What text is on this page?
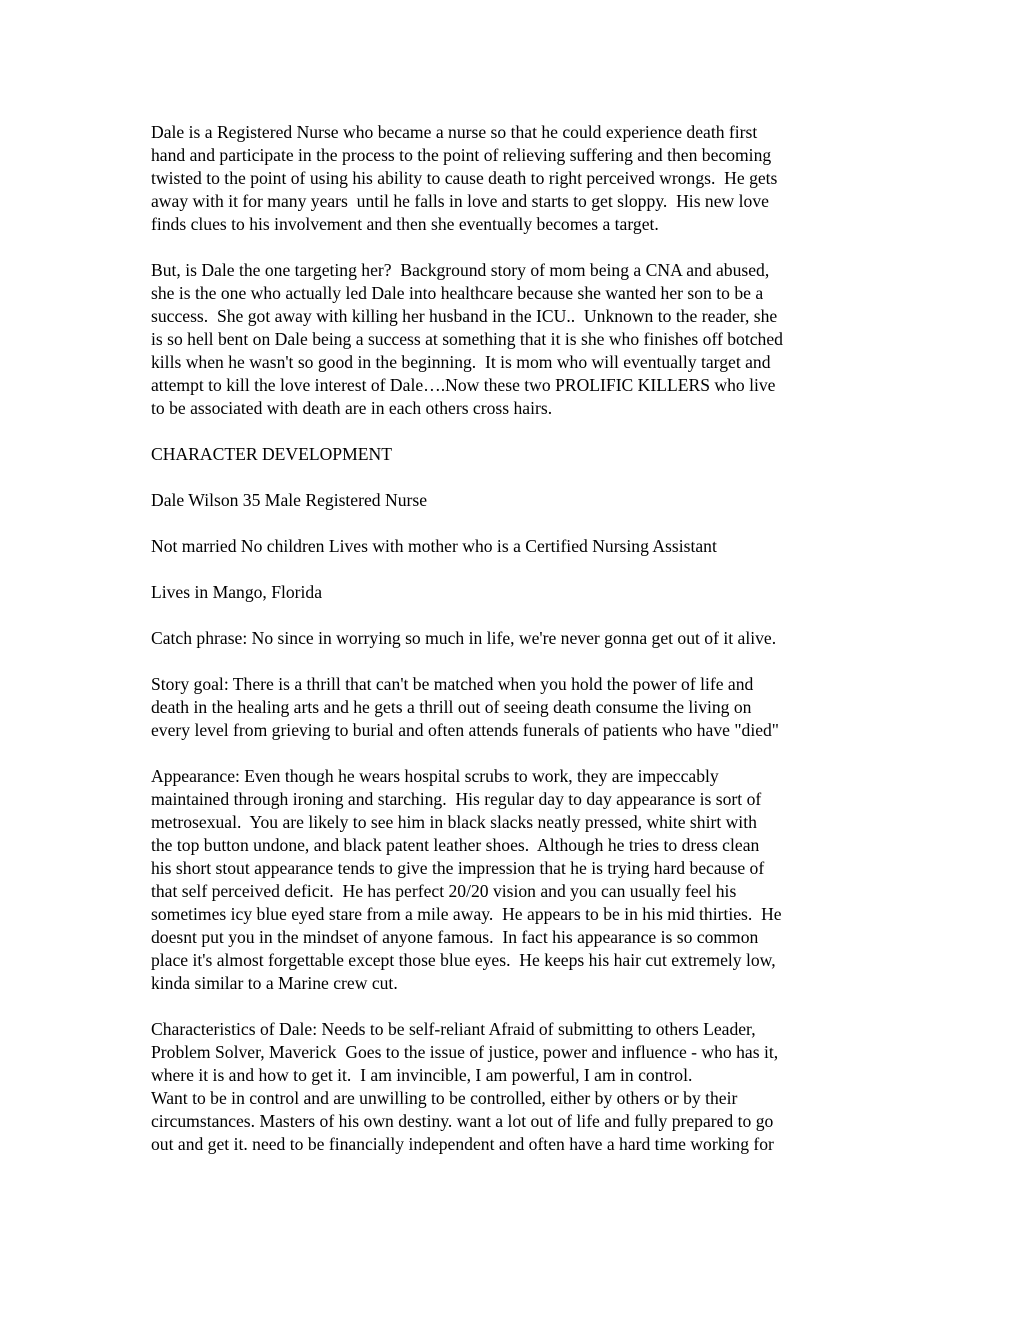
Dale is a Registered Nurse who became a nurse so that he could experience death first
hand and participate in the process to the point of relieving suffering and then becoming
twisted to the point of using his ability to cause death to right perceived wrongs.  He gets
away with it for many years  until he falls in love and starts to get sloppy.  His new love
finds clues to his involvement and then she eventually becomes a target.
But, is Dale the one targeting her?  Background story of mom being a CNA and abused,
she is the one who actually led Dale into healthcare because she wanted her son to be a
success.  She got away with killing her husband in the ICU..  Unknown to the reader, she
is so hell bent on Dale being a success at something that it is she who finishes off botched
kills when he wasn't so good in the beginning.  It is mom who will eventually target and
attempt to kill the love interest of Dale….Now these two PROLIFIC KILLERS who live
to be associated with death are in each others cross hairs.
CHARACTER DEVELOPMENT
Dale Wilson 35 Male Registered Nurse
Not married No children Lives with mother who is a Certified Nursing Assistant
Lives in Mango, Florida
Catch phrase: No since in worrying so much in life, we're never gonna get out of it alive.
Story goal: There is a thrill that can't be matched when you hold the power of life and
death in the healing arts and he gets a thrill out of seeing death consume the living on
every level from grieving to burial and often attends funerals of patients who have "died"
Appearance: Even though he wears hospital scrubs to work, they are impeccably
maintained through ironing and starching.  His regular day to day appearance is sort of
metrosexual.  You are likely to see him in black slacks neatly pressed, white shirt with
the top button undone, and black patent leather shoes.  Although he tries to dress clean
his short stout appearance tends to give the impression that he is trying hard because of
that self perceived deficit.  He has perfect 20/20 vision and you can usually feel his
sometimes icy blue eyed stare from a mile away.  He appears to be in his mid thirties.  He
doesnt put you in the mindset of anyone famous.  In fact his appearance is so common
place it's almost forgettable except those blue eyes.  He keeps his hair cut extremely low,
kinda similar to a Marine crew cut.
Characteristics of Dale: Needs to be self-reliant Afraid of submitting to others Leader,
Problem Solver, Maverick  Goes to the issue of justice, power and influence - who has it,
where it is and how to get it.  I am invincible, I am powerful, I am in control.
Want to be in control and are unwilling to be controlled, either by others or by their
circumstances. Masters of his own destiny. want a lot out of life and fully prepared to go
out and get it. need to be financially independent and often have a hard time working for
